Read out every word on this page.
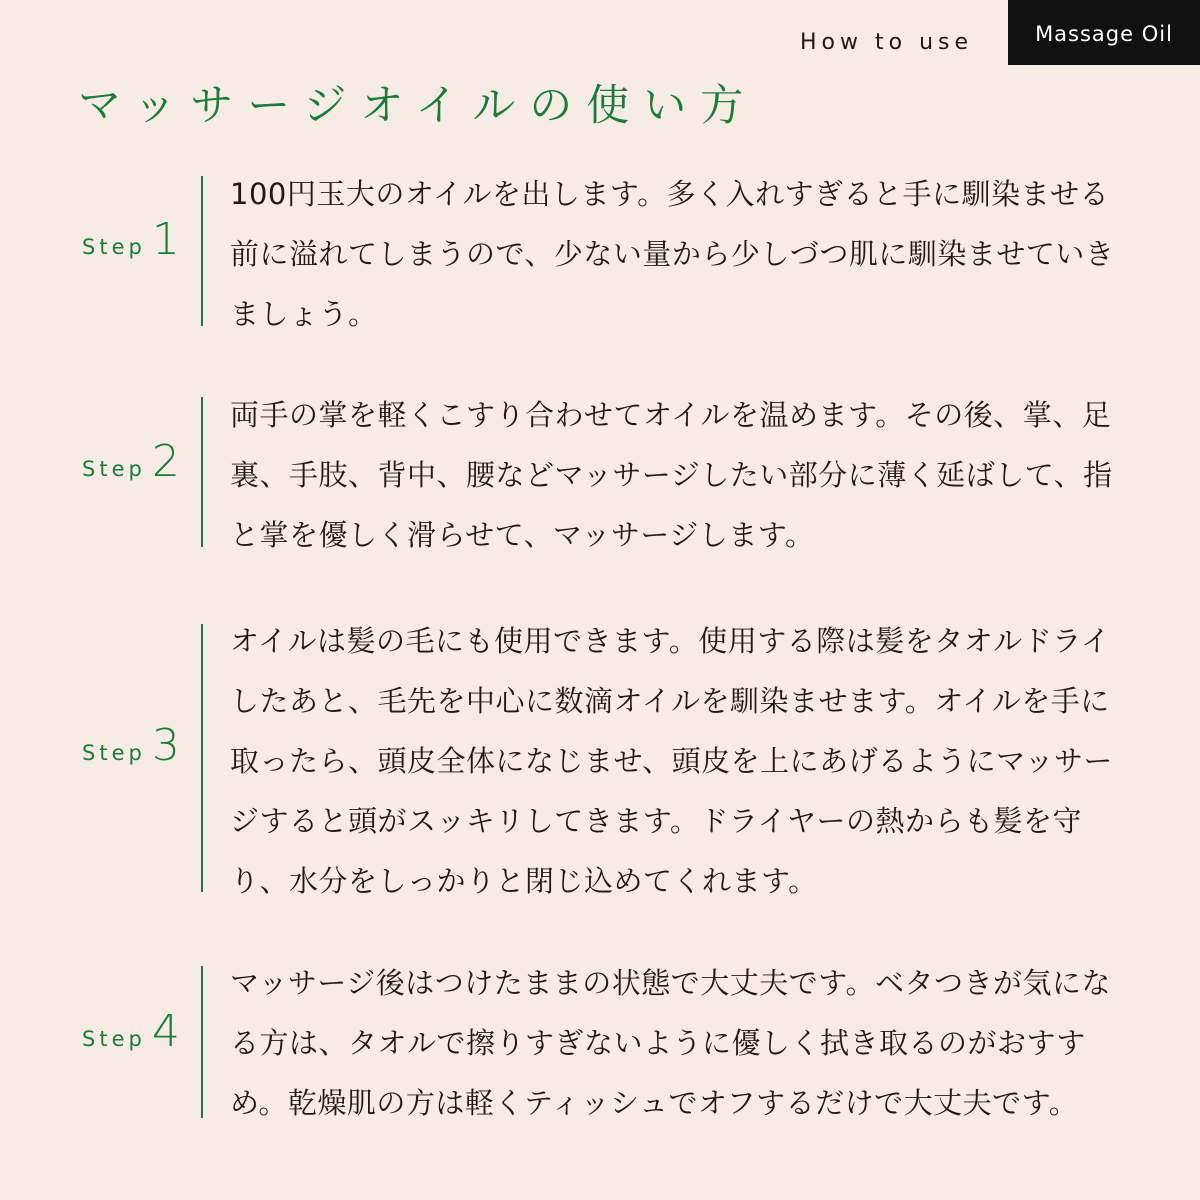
How to use	Massage Oil
マッサージオイルの使い方
Step 1

100円玉大のオイルを出します。多く入れすぎると手に馴染ませる前に溢れてしまうので、少ない量から少しづつ肌に馴染ませていきましょう。

Step 2

両手の掌を軽くこすり合わせてオイルを温めます。その後、掌、足裏、手肢、背中、腰などマッサージしたい部分に薄く延ばして、指と掌を優しく滑らせて、マッサージします。

Step 3

オイルは髪の毛にも使用できます。使用する際は髪をタオルドライしたあと、毛先を中心に数滴オイルを馴染ませます。オイルを手に取ったら、頭皮全体になじませ、頭皮を上にあげるようにマッサージすると頭がスッキリしてきます。ドライヤーの熱からも髪を守り、水分をしっかりと閉じ込めてくれます。

Step 4

マッサージ後はつけたままの状態で大丈夫です。ベタつきが気になる方は、タオルで擦りすぎないように優しく拭き取るのがおすすめ。乾燥肌の方は軽くティッシュでオフするだけで大丈夫です。
